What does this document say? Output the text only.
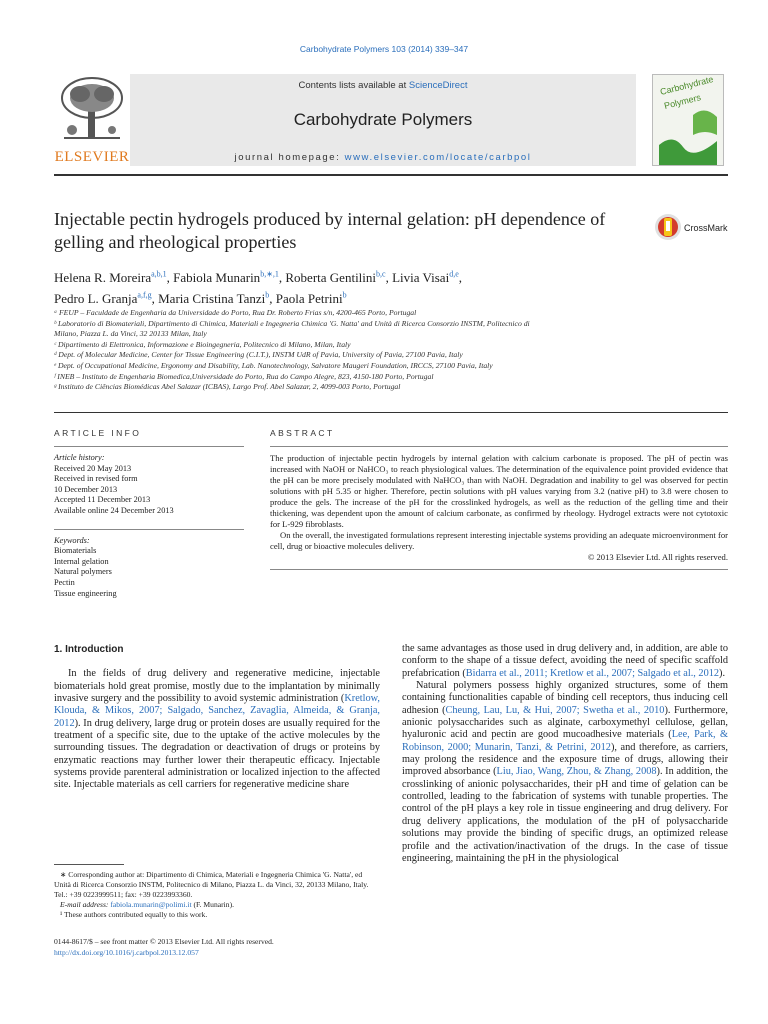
Carbohydrate Polymers 103 (2014) 339–347
ELSEVIER
Contents lists available at ScienceDirect
Carbohydrate Polymers
journal homepage: www.elsevier.com/locate/carbpol
Carbohydrate
Polymers
Injectable pectin hydrogels produced by internal gelation: pH dependence of gelling and rheological properties
CrossMark
Helena R. Moreira$^{a,b,1}$, Fabiola Munarin$^{b,∗,1}$, Roberta Gentilini$^{b,c}$, Livia Visai$^{d,e}$,
Pedro L. Granja$^{a,f,g}$, Maria Cristina Tanzi$^b$, Paola Petrini$^b$
ᵃ FEUP – Faculdade de Engenharia da Universidade do Porto, Rua Dr. Roberto Frias s/n, 4200-465 Porto, Portugal
ᵇ Laboratorio di Biomateriali, Dipartimento di Chimica, Materiali e Ingegneria Chimica 'G. Natta' and Unità di Ricerca Consorzio INSTM, Politecnico di
Milano, Piazza L. da Vinci, 32 20133 Milan, Italy
ᶜ Dipartimento di Elettronica, Informazione e Bioingegneria, Politecnico di Milano, Milan, Italy
ᵈ Dept. of Molecular Medicine, Center for Tissue Engineering (C.I.T.), INSTM UdR of Pavia, University of Pavia, 27100 Pavia, Italy
ᵉ Dept. of Occupational Medicine, Ergonomy and Disability, Lab. Nanotechnology, Salvatore Maugeri Foundation, IRCCS, 27100 Pavia, Italy
ᶠ INEB – Instituto de Engenharia Biomedica,Universidade do Porto, Rua do Campo Alegre, 823, 4150-180 Porto, Portugal
ᵍ Instituto de Ciências Biomédicas Abel Salazar (ICBAS), Largo Prof. Abel Salazar, 2, 4099-003 Porto, Portugal
ARTICLE INFO
Article history:
Received 20 May 2013
Received in revised form
10 December 2013
Accepted 11 December 2013
Available online 24 December 2013
Keywords:
Biomaterials
Internal gelation
Natural polymers
Pectin
Tissue engineering
ABSTRACT

The production of injectable pectin hydrogels by internal gelation with calcium carbonate is proposed. The pH of pectin was increased with NaOH or NaHCO₃ to reach physiological values. The determination of the equivalence point provided evidence that the pH can be more precisely modulated with NaHCO₃ than with NaOH. Degradation and inability to gel was observed for pectin solutions with pH 5.35 or higher. Therefore, pectin solutions with pH values varying from 3.2 (native pH) to 3.8 were chosen to produce the gels. The increase of the pH for the crosslinked hydrogels, as well as the reduction of the gelling time and their thickening, was dependent upon the amount of calcium carbonate, as confirmed by rheology. Hydrogel extracts were not cytotoxic for L-929 fibroblasts.

On the overall, the investigated formulations represent interesting injectable systems providing an adequate microenvironment for cell, drug or bioactive molecules delivery.

© 2013 Elsevier Ltd. All rights reserved.

1. Introduction

In the fields of drug delivery and regenerative medicine, injectable biomaterials hold great promise, mostly due to the implantation by minimally invasive surgery and the possibility to avoid systemic administration (Kretlow, Klouda, & Mikos, 2007; Salgado, Sanchez, Zavaglia, Almeida, & Granja, 2012). In drug delivery, large drug or protein doses are usually required for the treatment of a specific site, due to the uptake of the active molecules by the surrounding tissues. The degradation or deactivation of drugs or proteins by enzymatic reactions may further lower their therapeutic efficacy. Injectable systems provide parenteral administration or localized injection to the affected site. Injectable materials as cell carriers for regenerative medicine share

the same advantages as those used in drug delivery and, in addition, are able to conform to the shape of a tissue defect, avoiding the need of specific scaffold prefabrication (Bidarra et al., 2011; Kretlow et al., 2007; Salgado et al., 2012).

Natural polymers possess highly organized structures, some of them containing functionalities capable of binding cell receptors, thus inducing cell adhesion (Cheung, Lau, Lu, & Hui, 2007; Swetha et al., 2010). Furthermore, anionic polysaccharides such as alginate, carboxymethyl cellulose, gellan, hyaluronic acid and pectin are good mucoadhesive materials (Lee, Park, & Robinson, 2000; Munarin, Tanzi, & Petrini, 2012), and therefore, as carriers, may prolong the residence and the exposure time of drugs, allowing their improved absorbance (Liu, Jiao, Wang, Zhou, & Zhang, 2008). In addition, the crosslinking of anionic polysaccharides, their pH and time of gelation can be controlled, leading to the fabrication of systems with tunable properties. The control of the pH plays a key role in tissue engineering and drug delivery. For drug delivery applications, the modulation of the pH of polysaccharide solutions may provide the binding of specific drugs, an optimized release profile and the activation/inactivation of the drugs. In the case of tissue engineering, maintaining the pH in the physiological

∗ Corresponding author at: Dipartimento di Chimica, Materiali e Ingegneria Chimica 'G. Natta', ed Unità di Ricerca Consorzio INSTM, Politecnico di Milano, Piazza L. da Vinci, 32, 20133 Milano, Italy. Tel.: +39 0223999511; fax: +39 0223993360.

E-mail address: fabiola.munarin@polimi.it (F. Munarin).

¹ These authors contributed equally to this work.

0144-8617/$ – see front matter © 2013 Elsevier Ltd. All rights reserved.
http://dx.doi.org/10.1016/j.carbpol.2013.12.057
